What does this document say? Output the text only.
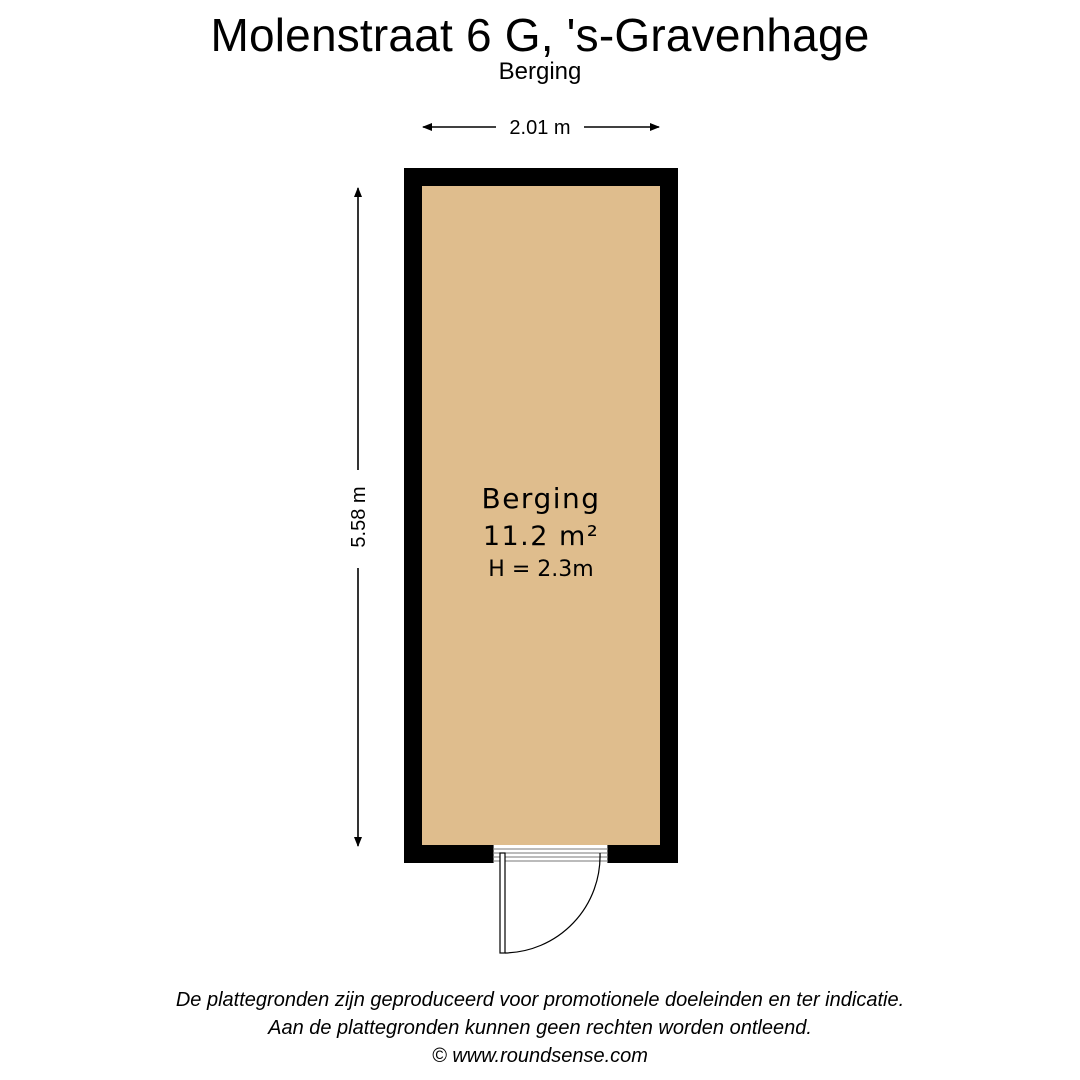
Molenstraat 6 G, 's-Gravenhage
Berging
2.01 m
5.58 m	Berging
11.2 m²
H = 2.3m
De plattegronden zijn geproduceerd voor promotionele doeleinden en ter indicatie.
Aan de plattegronden kunnen geen rechten worden ontleend.
© www.roundsense.com
